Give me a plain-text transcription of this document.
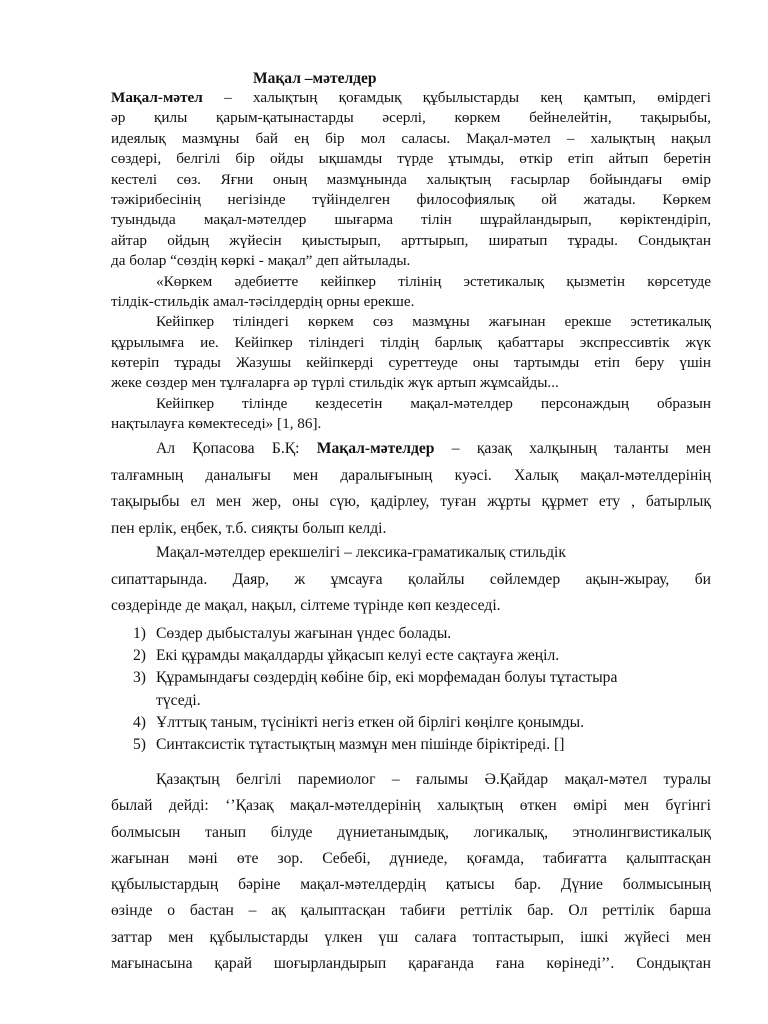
Мақал –мәтелдер
Мақал-мәтел – халықтың қоғамдық құбылыстарды кең қамтып, өмірдегі
әр қилы қарым-қатынастарды әсерлі, көркем бейнелейтін, тақырыбы,
идеялық мазмұны бай ең бір мол саласы. Мақал-мәтел – халықтың нақыл
сөздері, белгілі бір ойды ықшамды түрде ұтымды, өткір етіп айтып беретін
кестелі сөз. Яғни оның мазмұнында халықтың ғасырлар бойындағы өмір
тәжірибесінің негізінде түйінделген философиялық ой жатады. Көркем
туындыда мақал-мәтелдер шығарма тілін шұрайландырып, көріктендіріп,
айтар ойдың жүйесін қиыстырып, арттырып, ширатып тұрады. Сондықтан
да болар “сөздің көркі - мақал” деп айтылады.
«Көркем әдебиетте кейіпкер тілінің эстетикалық қызметін көрсетуде
тілдік-стильдік амал-тәсілдердің орны ерекше.
Кейіпкер тіліндегі көркем сөз мазмұны жағынан ерекше эстетикалық
құрылымға ие. Кейіпкер тіліндегі тілдің барлық қабаттары экспрессивтік жүк
көтеріп тұрады Жазушы кейіпкерді суреттеуде оны тартымды етіп беру үшін
жеке сөздер мен тұлғаларға әр түрлі стильдік жүк артып жұмсайды...
Кейіпкер тілінде кездесетін мақал-мәтелдер персонаждың образын
нақтылауға көмектеседі» [1, 86].
Ал Қопасова Б.Қ: Мақал-мәтелдер – қазақ халқының таланты мен
талғамның даналығы мен даралығының куәсі. Халық мақал-мәтелдерінің
тақырыбы ел мен жер, оны сүю, қадірлеу, туған жұрты құрмет ету , батырлық
пен ерлік, еңбек, т.б. сияқты болып келді.
Мақал-мәтелдер ерекшелігі – лексика-граматикалық стильдік
сипаттарында. Даяр, ж ұмсауға қолайлы сөйлемдер ақын-жырау, би
сөздерінде де мақал, нақыл, сілтеме түрінде көп кездеседі.
1) Сөздер дыбысталуы жағынан үндес болады.
2) Екі құрамды мақалдарды ұйқасып келуі есте сақтауға жеңіл.
3) Құрамындағы сөздердің көбіне бір, екі морфемадан болуы тұтастыра
түседі.
4) Ұлттық таным, түсінікті негіз еткен ой бірлігі көңілге қонымды.
5) Синтаксистік тұтастықтың мазмұн мен пішінде біріктіреді. []
Қазақтың белгілі паремиолог – ғалымы Ә.Қайдар мақал-мәтел туралы
былай дейді: ‘’Қазақ мақал-мәтелдерінің халықтың өткен өмірі мен бүгінгі
болмысын танып білуде дүниетанымдық, логикалық, этнолингвистикалық
жағынан мәні өте зор. Себебі, дүниеде, қоғамда, табиғатта қалыптасқан
құбылыстардың бәріне мақал-мәтелдердің қатысы бар. Дүние болмысының
өзінде о бастан – ақ қалыптасқан табиғи реттілік бар. Ол реттілік барша
заттар мен құбылыстарды үлкен үш салаға топтастырып, ішкі жүйесі мен
мағынасына қарай шоғырландырып қарағанда ғана көрінеді’’. Сондықтан
